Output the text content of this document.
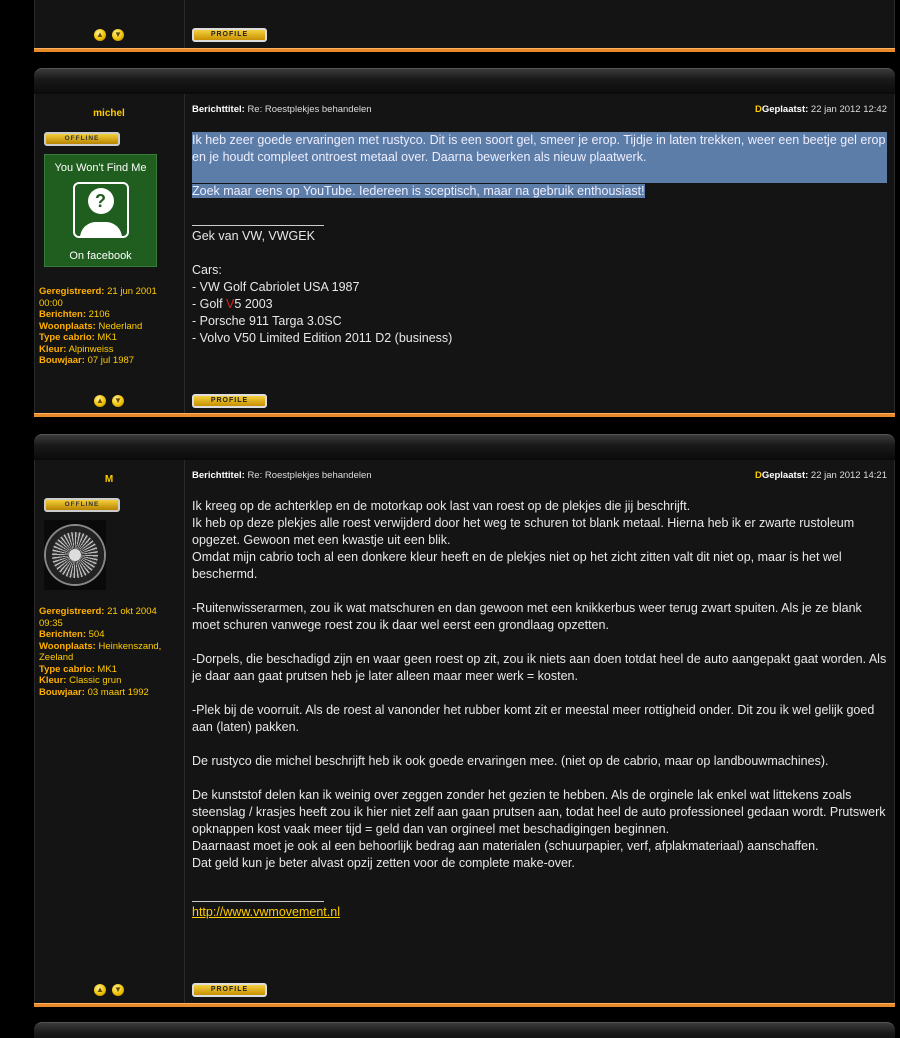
▲ ▼	PROFILE
michel
OFFLINE
You Won't Find Me
?
On facebook
Geregistreerd: 21 jun 2001 00:00
Berichten: 2106
Woonplaats: Nederland
Type cabrio: MK1
Kleur: Alpinweiss
Bouwjaar: 07 jul 1987
Berichttitel: Re: Roestplekjes behandelen	DGeplaatst: 22 jan 2012 12:42

Ik heb zeer goede ervaringen met rustyco. Dit is een soort gel, smeer je erop. Tijdje in laten trekken, weer een beetje gel erop en je houdt compleet ontroest metaal over. Daarna bewerken als nieuw plaatwerk.

Zoek maar eens op YouTube. Iedereen is sceptisch, maar na gebruik enthousiast!

Gek van VW, VWGEK

Cars:

- VW Golf Cabriolet USA 1987

- Golf V5 2003

- Porsche 911 Targa 3.0SC

- Volvo V50 Limited Edition 2011 D2 (business)

▲ ▼	PROFILE
M
OFFLINE
Geregistreerd: 21 okt 2004 09:35
Berichten: 504
Woonplaats: Heinkenszand, Zeeland
Type cabrio: MK1
Kleur: Classic grun
Bouwjaar: 03 maart 1992
Berichttitel: Re: Roestplekjes behandelen	DGeplaatst: 22 jan 2012 14:21

Ik kreeg op de achterklep en de motorkap ook last van roest op de plekjes die jij beschrijft.

Ik heb op deze plekjes alle roest verwijderd door het weg te schuren tot blank metaal. Hierna heb ik er zwarte rustoleum opgezet. Gewoon met een kwastje uit een blik.

Omdat mijn cabrio toch al een donkere kleur heeft en de plekjes niet op het zicht zitten valt dit niet op, maar is het wel beschermd.

-Ruitenwisserarmen, zou ik wat matschuren en dan gewoon met een knikkerbus weer terug zwart spuiten. Als je ze blank moet schuren vanwege roest zou ik daar wel eerst een grondlaag opzetten.

-Dorpels, die beschadigd zijn en waar geen roest op zit, zou ik niets aan doen totdat heel de auto aangepakt gaat worden. Als je daar aan gaat prutsen heb je later alleen maar meer werk = kosten.

-Plek bij de voorruit. Als de roest al vanonder het rubber komt zit er meestal meer rottigheid onder. Dit zou ik wel gelijk goed aan (laten) pakken.

De rustyco die michel beschrijft heb ik ook goede ervaringen mee. (niet op de cabrio, maar op landbouwmachines).

De kunststof delen kan ik weinig over zeggen zonder het gezien te hebben. Als de orginele lak enkel wat littekens zoals steenslag / krasjes heeft zou ik hier niet zelf aan gaan prutsen aan, todat heel de auto professioneel gedaan wordt. Prutswerk opknappen kost vaak meer tijd = geld dan van orgineel met beschadigingen beginnen.

Daarnaast moet je ook al een behoorlijk bedrag aan materialen (schuurpapier, verf, afplakmateriaal) aanschaffen.

Dat geld kun je beter alvast opzij zetten voor de complete make-over.

http://www.vwmovement.nl

▲ ▼	PROFILE
